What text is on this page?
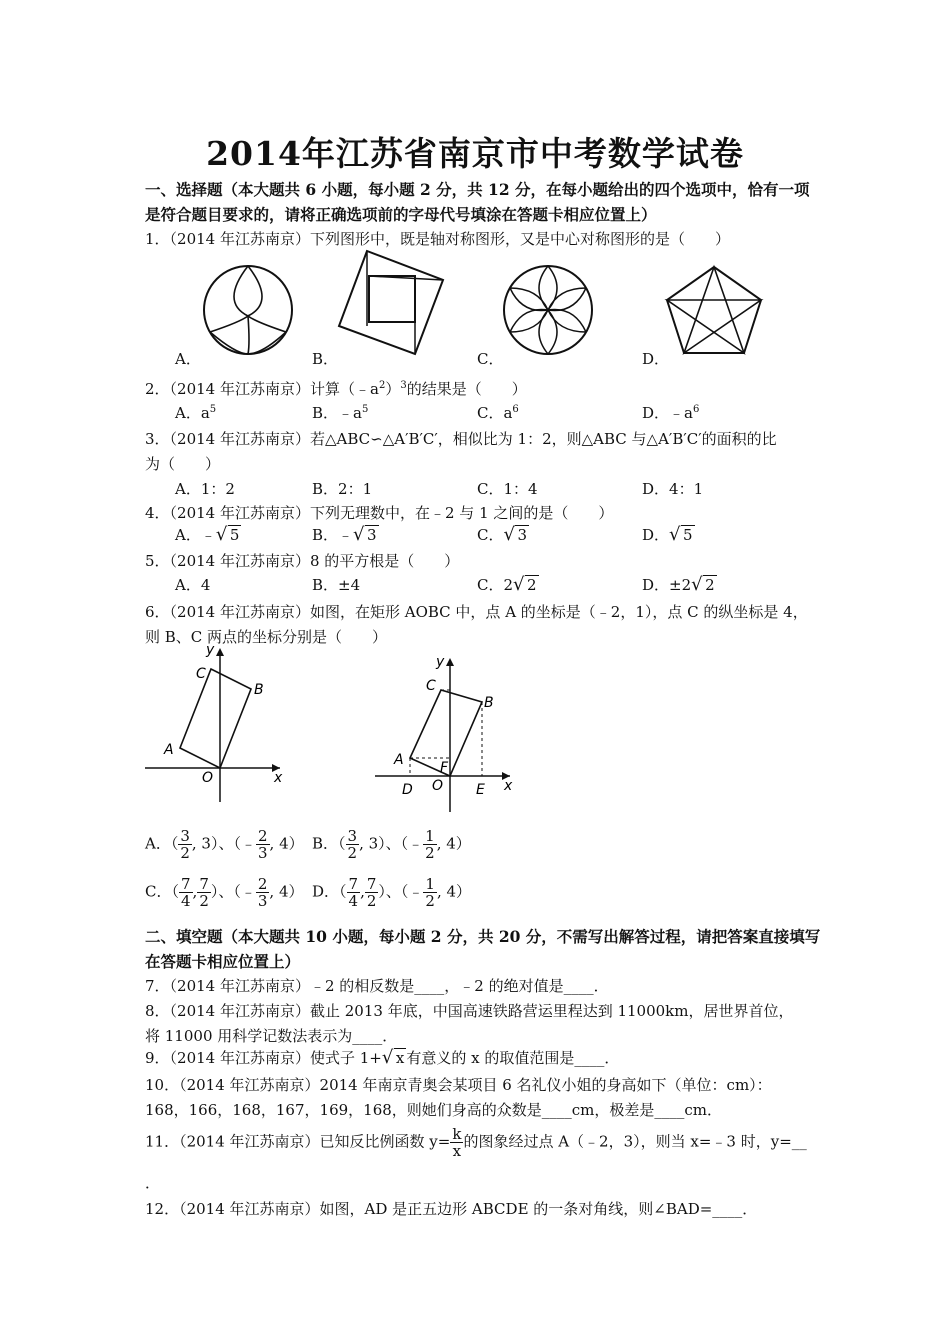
2014年江苏省南京市中考数学试卷
一、选择题（本大题共 6 小题，每小题 2 分，共 12 分，在每小题给出的四个选项中，恰有一项
是符合题目要求的，请将正确选项前的字母代号填涂在答题卡相应位置上）
1．（2014 年江苏南京）下列图形中，既是轴对称图形，又是中心对称图形的是（　　）
A．	B．	C．	D．
2．（2014 年江苏南京）计算$(﹣a^2)^3$的结果是（　　）
A．$a^5$	B．$﹣a^5$	C．$a^6$	D．$﹣a^6$
3．（2014 年江苏南京）若△ABC∽△A′B′C′，相似比为 1：2，则△ABC 与△A′B′C′的面积的比
为（　　）
A．1：2	B．2：1	C．1：4	D．4：1
4．（2014 年江苏南京）下列无理数中，在﹣2 与 1 之间的是（　　）
A．﹣ √ 5	B．﹣ √ 3	C． √ 3	D． √ 5
5．（2014 年江苏南京）8 的平方根是（　　）
A．4	B．±4	C．2 √ 2	D．±2 √ 2
6．（2014 年江苏南京）如图，在矩形 AOBC 中，点 A 的坐标是（﹣2，1），点 C 的纵坐标是 4，
则 B、C 两点的坐标分别是（　　）
y
x
C
B
A
O
y
x
C
B
A
O
F
D	E
A．（ $\frac{3}{2}$ , 3）、（﹣ $\frac{2}{3}$ , 4） B．（ $\frac{3}{2}$ , 3）、（﹣ $\frac{1}{2}$ , 4）
C．（ $\frac{7}{4}$ , $\frac{7}{2}$ ）、（﹣ $\frac{2}{3}$ , 4） D．（ $\frac{7}{4}$ , $\frac{7}{2}$ ）、（﹣ $\frac{1}{2}$ , 4）
二、填空题（本大题共 10 小题，每小题 2 分，共 20 分，不需写出解答过程，请把答案直接填写
在答题卡相应位置上）
7．（2014 年江苏南京）﹣2 的相反数是____，﹣2 的绝对值是____．
8．（2014 年江苏南京）截止 2013 年底，中国高速铁路营运里程达到 11000km，居世界首位，
将 11000 用科学记数法表示为____．
9．（2014 年江苏南京）使式子 1+ √ x 有意义的 x 的取值范围是____．
10．（2014 年江苏南京）2014 年南京青奥会某项目 6 名礼仪小姐的身高如下（单位：cm）：
168，166，168，167，169，168，则她们身高的众数是____cm，极差是____cm．
11．（2014 年江苏南京）已知反比例函数 $y= \frac{k}{x}$ 的图象经过点 A（﹣2，3），则当 x=﹣3 时，y=__
．
12．（2014 年江苏南京）如图，AD 是正五边形 ABCDE 的一条对角线，则∠BAD=____．
